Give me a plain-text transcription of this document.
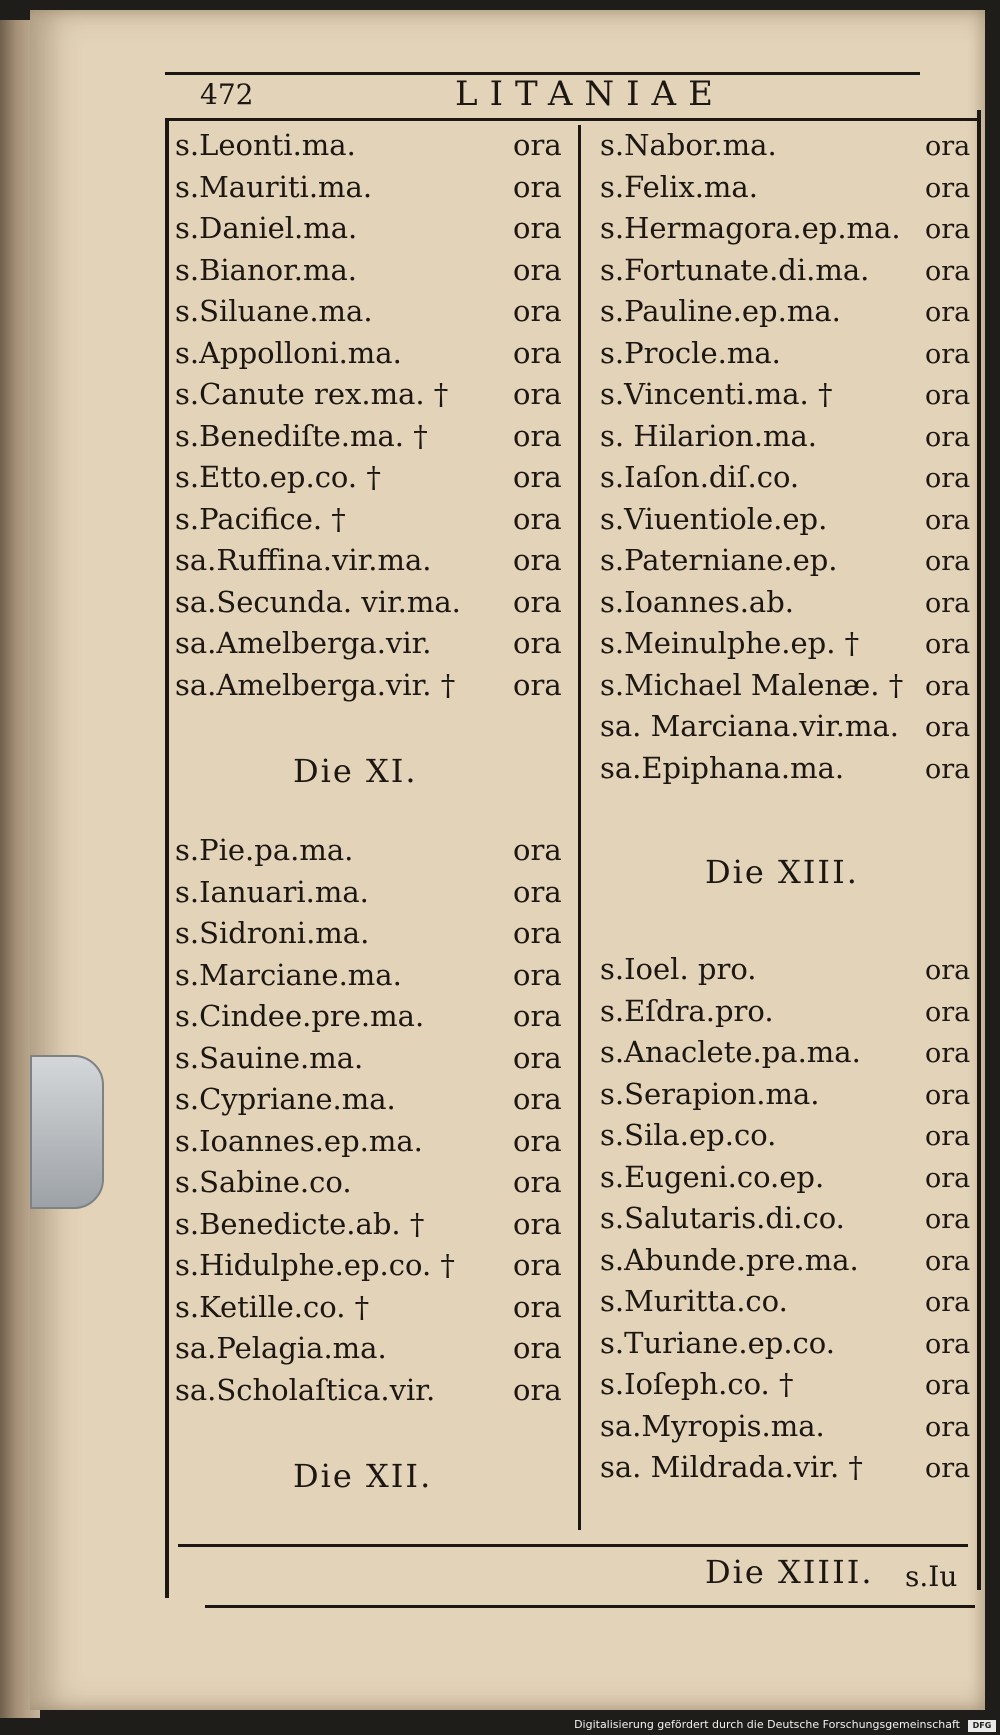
472	LITANIAE
s.Leonti.ma.	ora
s.Mauriti.ma.	ora
s.Daniel.ma.	ora
s.Bianor.ma.	ora
s.Siluane.ma.	ora
s.Appolloni.ma.	ora
s.Canute rex.ma. † ora
s.Benediſte.ma. †	ora
s.Etto.ep.co. †	ora
s.Pacifice. †	ora
sa.Ruffina.vir.ma.	ora
sa.Secunda. vir.ma. ora
sa.Amelberga.vir.	ora
sa.Amelberga.vir. † ora
Die XI.
s.Pie.pa.ma.	ora
s.Ianuari.ma.	ora
s.Sidroni.ma.	ora
s.Marciane.ma.	ora
s.Cindee.pre.ma.	ora
s.Sauine.ma.	ora
s.Cypriane.ma.	ora
s.Ioannes.ep.ma.	ora
s.Sabine.co.	ora
s.Benedicte.ab. †	ora
s.Hidulphe.ep.co. † ora
s.Ketille.co. †	ora
sa.Pelagia.ma.	ora
sa.Scholaſtica.vir.	ora
Die XII.
s.Nabor.ma.	ora
s.Felix.ma.	ora
s.Hermagora.ep.ma. ora
s.Fortunate.di.ma. ora
s.Pauline.ep.ma.	ora
s.Procle.ma.	ora
s.Vincenti.ma. †	ora
s. Hilarion.ma.	ora
s.Iaſon.diſ.co.	ora
s.Viuentiole.ep.	ora
s.Paterniane.ep.	ora
s.Ioannes.ab.	ora
s.Meinulphe.ep. † ora
s.Michael Malenæ. † ora
sa. Marciana.vir.ma. ora
sa.Epiphana.ma.	ora
Die XIII.
s.Ioel. pro.	ora
s.Eſdra.pro.	ora
s.Anaclete.pa.ma. ora
s.Serapion.ma.	ora
s.Sila.ep.co.	ora
s.Eugeni.co.ep.	ora
s.Salutaris.di.co.	ora
s.Abunde.pre.ma. ora
s.Muritta.co.	ora
s.Turiane.ep.co.	ora
s.Ioſeph.co. †	ora
sa.Myropis.ma.	ora
sa. Mildrada.vir. † ora
Die XIIII.	s.Iu
Digitalisierung gefördert durch die Deutsche Forschungsgemeinschaft	DFG
